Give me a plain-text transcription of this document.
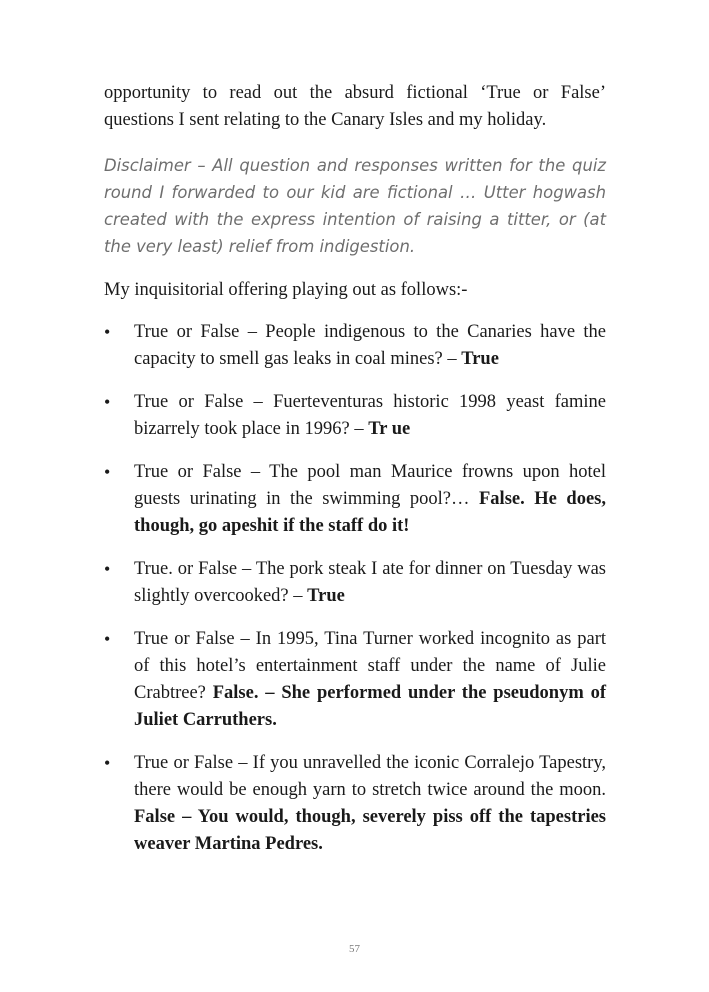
opportunity to read out the absurd fictional ‘True or False’ questions I sent relating to the Canary Isles and my holiday.

Disclaimer – All question and responses written for the quiz round I forwarded to our kid are fictional … Utter hogwash created with the express intention of raising a titter, or (at the very least) relief from indigestion.

My inquisitorial offering playing out as follows:-

•	True or False – People indigenous to the Canaries have the capacity to smell gas leaks in coal mines? – True
•	True or False – Fuerteventuras historic 1998 yeast famine bizarrely took place in 1996? – Tr ue
•	True or False – The pool man Maurice frowns upon hotel guests urinating in the swimming pool?… False. He does, though, go apeshit if the staff do it!
•	True. or False – The pork steak I ate for dinner on Tuesday was slightly overcooked? – True
•	True or False – In 1995, Tina Turner worked incognito as part of this hotel’s entertainment staff under the name of Julie Crabtree? False. – She performed under the pseudonym of Juliet Carruthers.
•	True or False – If you unravelled the iconic Corralejo Tapestry, there would be enough yarn to stretch twice around the moon. False – You would, though, severely piss off the tapestries weaver Martina Pedres.
57
